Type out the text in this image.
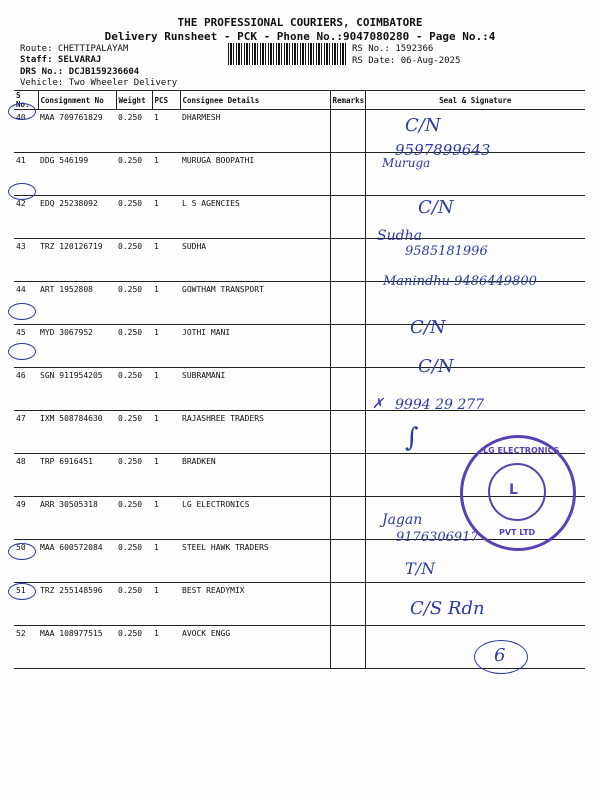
THE PROFESSIONAL COURIERS, COIMBATORE
Delivery Runsheet - PCK - Phone No.:9047080280 - Page No.:4
Route: CHETTIPALAYAM
Staff: SELVARAJ
DRS No.: DCJB159236604
Vehicle: Two Wheeler Delivery
RS No.: 1592366
RS Date: 06-Aug-2025
S No.	Consignment No	Weight	PCS	Consignee Details	Remarks	Seal & Signature
40	MAA 709761829	0.250	1	DHARMESH		
41	DDG 546199	0.250	1	MURUGA BOOPATHI		
42	EDQ 25238092	0.250	1	L S AGENCIES		
43	TRZ 120126719	0.250	1	SUDHA		
44	ART 1952808	0.250	1	GOWTHAM TRANSPORT		
45	MYD 3067952	0.250	1	JOTHI MANI		
46	SGN 911954205	0.250	1	SUBRAMANI		
47	IXM 508784630	0.250	1	RAJASHREE TRADERS		
48	TRP 6916451	0.250	1	BRADKEN		
49	ARR 30505318	0.250	1	LG ELECTRONICS		
50	MAA 600572084	0.250	1	STEEL HAWK TRADERS		
51	TRZ 255148596	0.250	1	BEST READYMIX		
52	MAA 108977515	0.250	1	AVOCK ENGG		
C/N
9597899643
Muruga
C/N
Sudha
9585181996
Manindhu 9486449800
C/N
C/N
✗ 9994 29 277
∫
Jagan
9176306917
T/N
C/S Rdn
LG ELECTRONICS
PVT LTD
L
6
